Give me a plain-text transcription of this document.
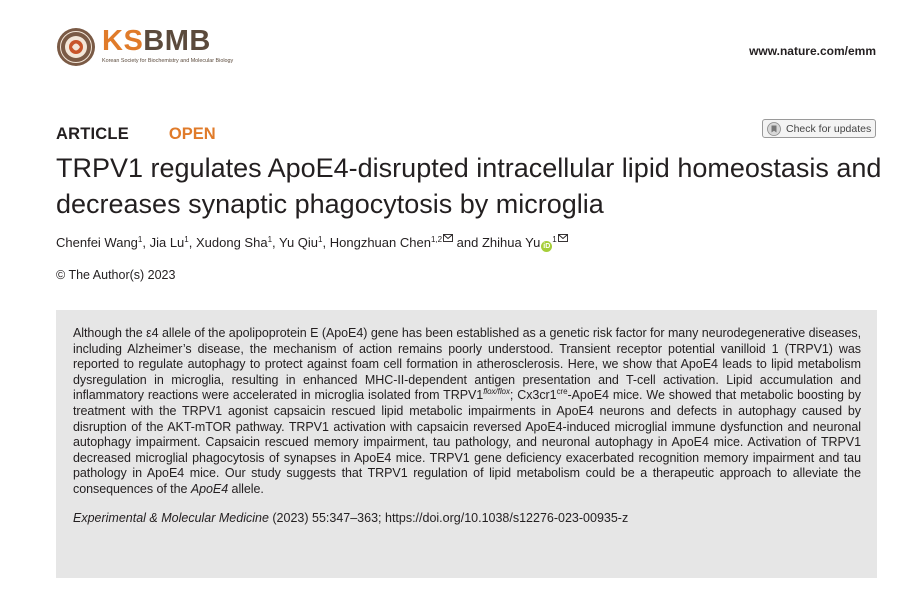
KSBMB
Korean Society for Biochemistry and Molecular Biology
www.nature.com/emm
ARTICLE OPEN	Check for updates
TRPV1 regulates ApoE4-disrupted intracellular lipid homeostasis and decreases synaptic phagocytosis by microglia
Chenfei Wang$^1$, Jia Lu$^1$, Xudong Sha$^1$, Yu Qiu$^1$, Hongzhuan Chen$^{1,2}$ and Zhihua Yu $iD^1$
© The Author(s) 2023

Although the ε4 allele of the apolipoprotein E (ApoE4) gene has been established as a genetic risk factor for many neurodegenerative diseases, including Alzheimer’s disease, the mechanism of action remains poorly understood. Transient receptor potential vanilloid 1 (TRPV1) was reported to regulate autophagy to protect against foam cell formation in atherosclerosis. Here, we show that ApoE4 leads to lipid metabolism dysregulation in microglia, resulting in enhanced MHC-II-dependent antigen presentation and T-cell activation. Lipid accumulation and inflammatory reactions were accelerated in microglia isolated from $TRPV1^{flox/flox}$; $Cx3cr1^{cre}-ApoE4$ mice. We showed that metabolic boosting by treatment with the TRPV1 agonist capsaicin rescued lipid metabolic impairments in ApoE4 neurons and defects in autophagy caused by disruption of the AKT-mTOR pathway. TRPV1 activation with capsaicin reversed ApoE4-induced microglial immune dysfunction and neuronal autophagy impairment. Capsaicin rescued memory impairment, tau pathology, and neuronal autophagy in ApoE4 mice. Activation of TRPV1 decreased microglial phagocytosis of synapses in ApoE4 mice. TRPV1 gene deficiency exacerbated recognition memory impairment and tau pathology in ApoE4 mice. Our study suggests that TRPV1 regulation of lipid metabolism could be a therapeutic approach to alleviate the consequences of the ApoE4 allele.

Experimental & Molecular Medicine (2023) 55:347–363; https://doi.org/10.1038/s12276-023-00935-z
